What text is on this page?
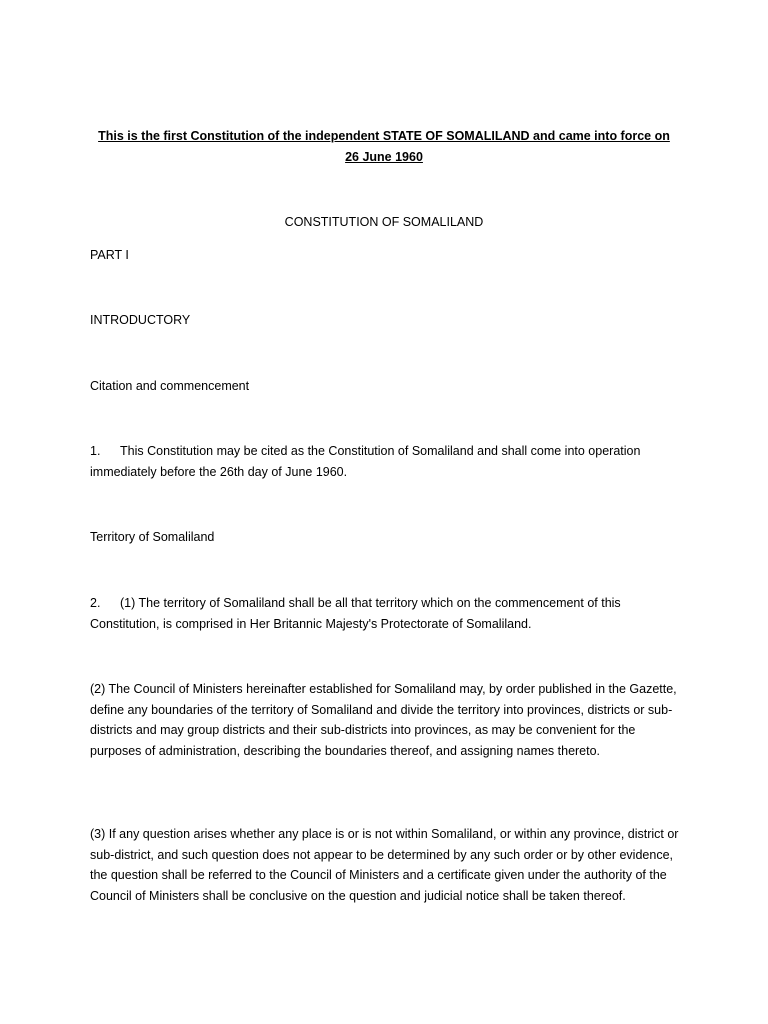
This is the first Constitution of the independent STATE OF SOMALILAND and came into force on 26 June 1960

CONSTITUTION OF SOMALILAND

PART I

INTRODUCTORY

Citation and commencement

1. This Constitution may be cited as the Constitution of Somaliland and shall come into operation immediately before the 26th day of June 1960.

Territory of Somaliland

2. (1) The territory of Somaliland shall be all that territory which on the commencement of this Constitution, is comprised in Her Britannic Majesty's Protectorate of Somaliland.

(2) The Council of Ministers hereinafter established for Somaliland may, by order published in the Gazette, define any boundaries of the territory of Somaliland and divide the territory into provinces, districts or sub-districts and may group districts and their sub-districts into provinces, as may be convenient for the purposes of administration, describing the boundaries thereof, and assigning names thereto.

(3) If any question arises whether any place is or is not within Somaliland, or within any province, district or sub-district, and such question does not appear to be determined by any such order or by other evidence, the question shall be referred to the Council of Ministers and a certificate given under the authority of the Council of Ministers shall be conclusive on the question and judicial notice shall be taken thereof.
